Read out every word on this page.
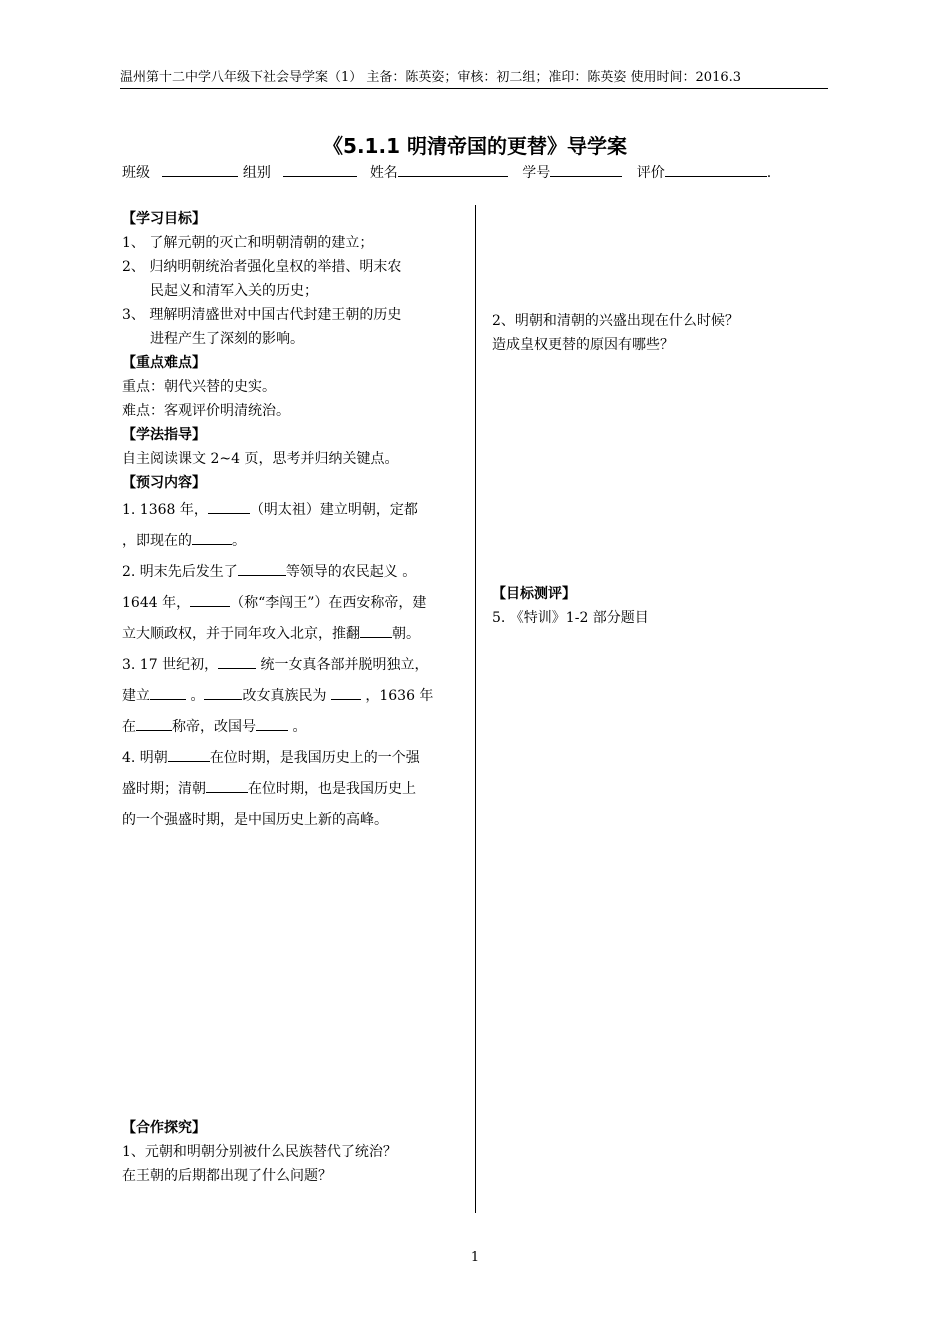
温州第十二中学八年级下社会导学案（1） 主备：陈英姿；审核：初二组；准印：陈英姿 使用时间：2016.3
《5.1.1 明清帝国的更替》导学案
班级	组别	姓名	学号	评价	.
【学习目标】
1、 了解元朝的灭亡和明朝清朝的建立；
2、 归纳明朝统治者强化皇权的举措、明末农
民起义和清军入关的历史；
3、 理解明清盛世对中国古代封建王朝的历史
进程产生了深刻的影响。
【重点难点】
重点：朝代兴替的史实。
难点：客观评价明清统治。
【学法指导】
自主阅读课文 2~4 页，思考并归纳关键点。
【预习内容】
1. 1368 年，	（明太祖）建立明朝，定都
，即现在的	。
2. 明末先后发生了	等领导的农民起义 。
1644 年，	（称“李闯王”）在西安称帝，建
立大顺政权，并于同年攻入北京，推翻 朝。
3. 17 世纪初，	统一女真各部并脱明独立，
建立	。	改女真族民为  ，1636 年
在	称帝，改国号 。
4. 明朝	在位时期，是我国历史上的一个强
盛时期；清朝	在位时期，也是我国历史上
的一个强盛时期，是中国历史上新的高峰。
【合作探究】
1、元朝和明朝分别被什么民族替代了统治？
在王朝的后期都出现了什么问题？
2、明朝和清朝的兴盛出现在什么时候？
造成皇权更替的原因有哪些？
【目标测评】
5. 《特训》1-2 部分题目
1
